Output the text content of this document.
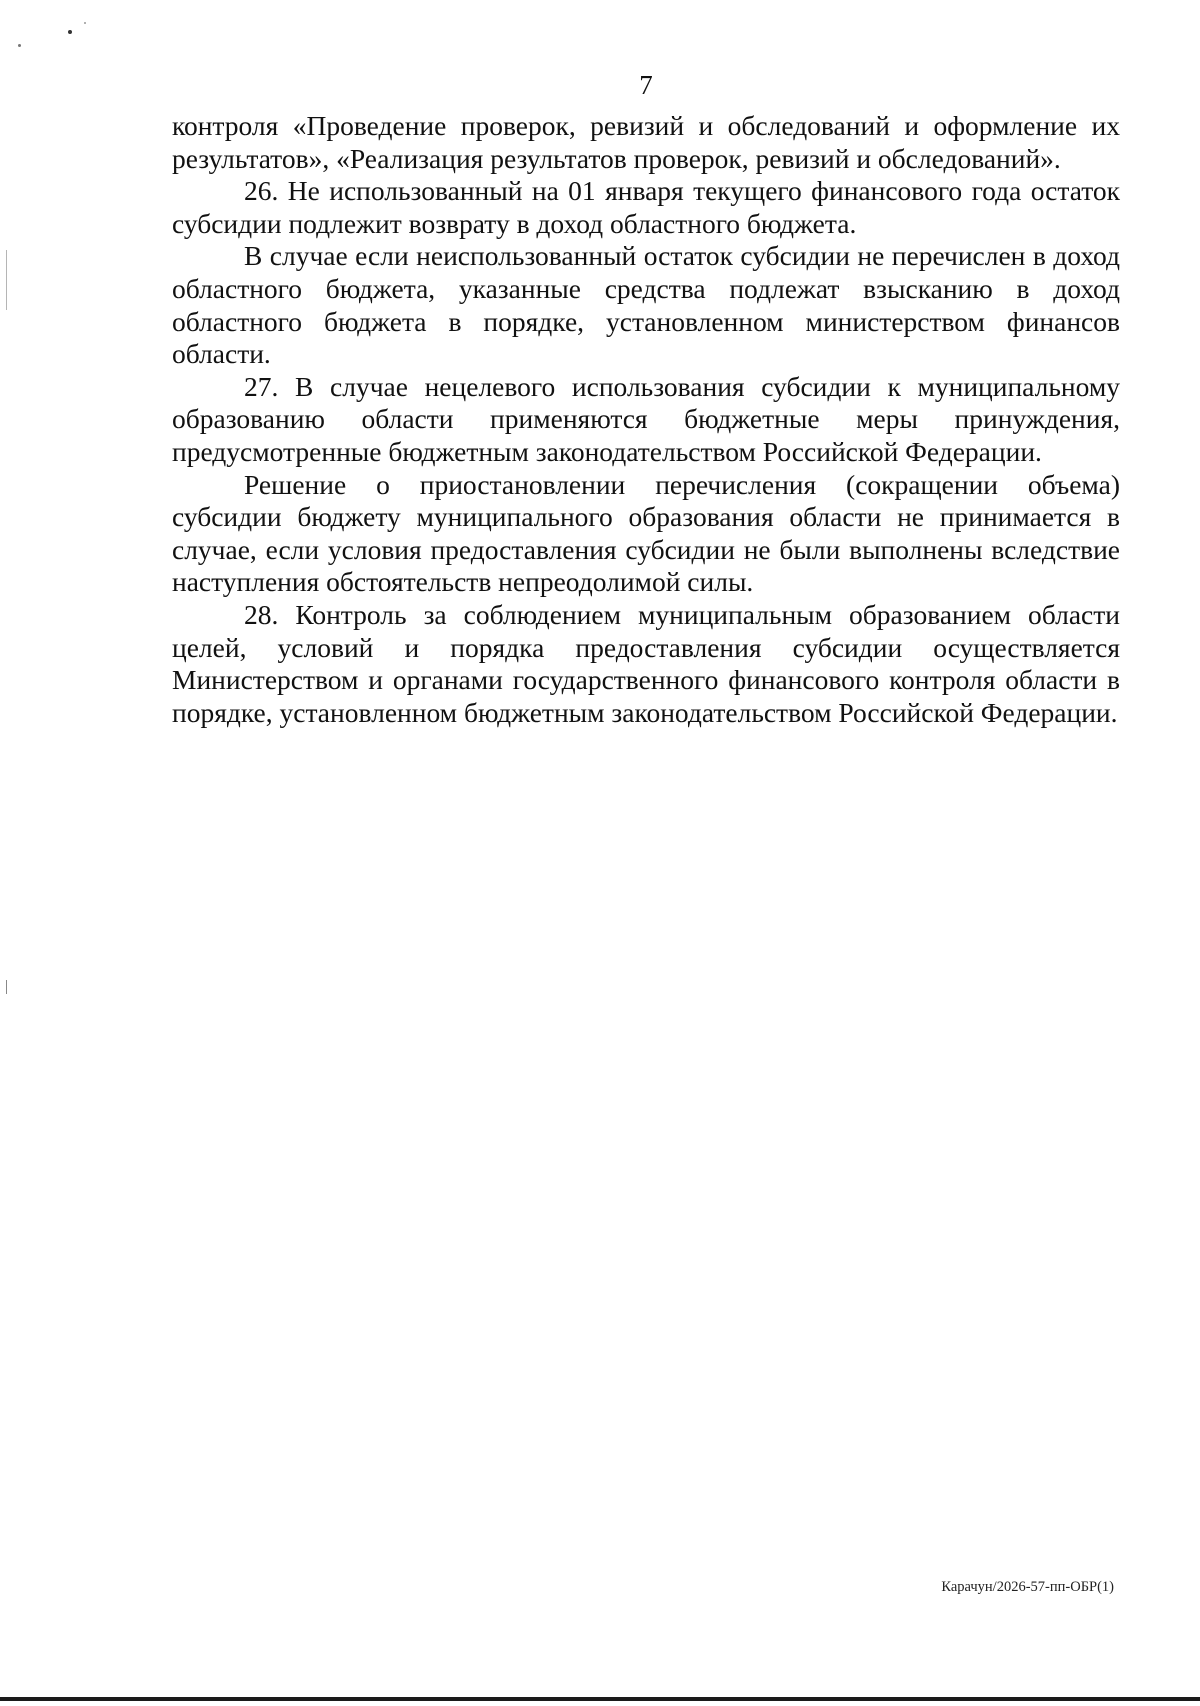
7

контроля «Проведение проверок, ревизий и обследований и оформление их результатов», «Реализация результатов проверок, ревизий и обследований».

26. Не использованный на 01 января текущего финансового года остаток субсидии подлежит возврату в доход областного бюджета.

В случае если неиспользованный остаток субсидии не перечислен в доход областного бюджета, указанные средства подлежат взысканию в доход областного бюджета в порядке, установленном министерством финансов области.

27. В случае нецелевого использования субсидии к муниципальному образованию области применяются бюджетные меры принуждения, предусмотренные бюджетным законодательством Российской Федерации.

Решение о приостановлении перечисления (сокращении объема) субсидии бюджету муниципального образования области не принимается в случае, если условия предоставления субсидии не были выполнены вследствие наступления обстоятельств непреодолимой силы.

28. Контроль за соблюдением муниципальным образованием области целей, условий и порядка предоставления субсидии осуществляется Министерством и органами государственного финансового контроля области в порядке, установленном бюджетным законодательством Российской Федерации.

Карачун/2026-57-пп-ОБР(1)
